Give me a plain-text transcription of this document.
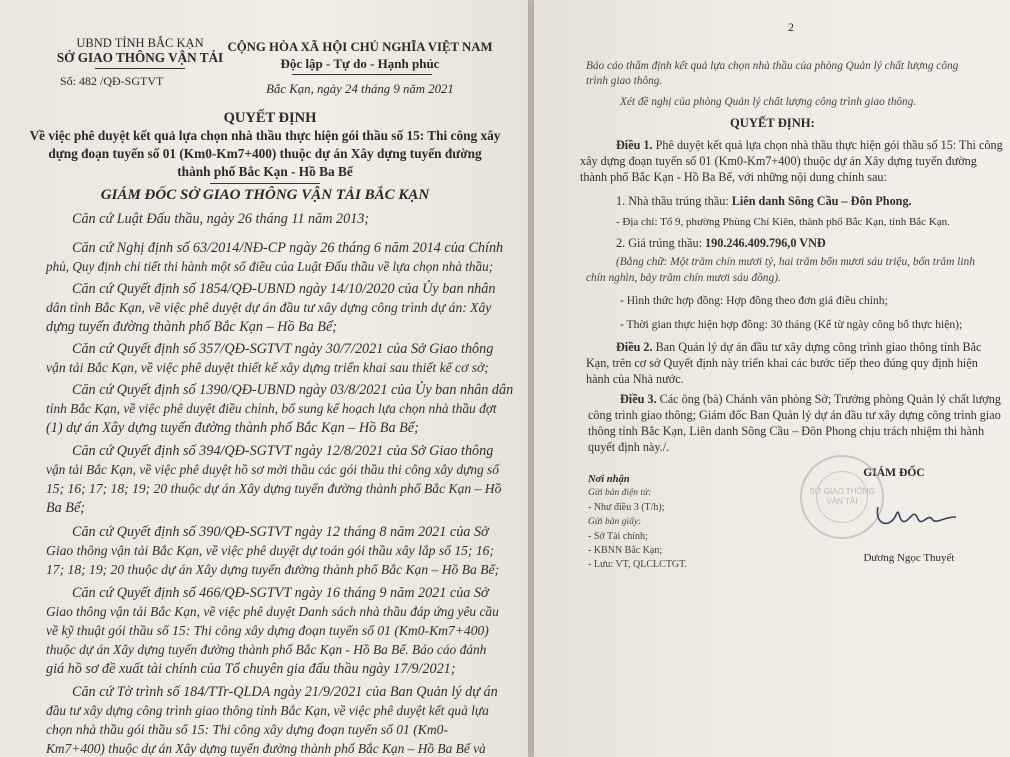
UBND TỈNH BẮC KẠN
SỞ GIAO THÔNG VẬN TẢI
Số: 482 /QĐ-SGTVT
CỘNG HÒA XÃ HỘI CHỦ NGHĨA VIỆT NAM
Độc lập - Tự do - Hạnh phúc
Bắc Kạn, ngày 24 tháng 9 năm 2021
QUYẾT ĐỊNH
Về việc phê duyệt kết quả lựa chọn nhà thầu thực hiện gói thầu số 15: Thi công xây
dựng đoạn tuyến số 01 (Km0-Km7+400) thuộc dự án Xây dựng tuyến đường
thành phố Bắc Kạn - Hồ Ba Bể
GIÁM ĐỐC SỞ GIAO THÔNG VẬN TẢI BẮC KẠN
Căn cứ Luật Đấu thầu, ngày 26 tháng 11 năm 2013;
Căn cứ Nghị định số 63/2014/NĐ-CP ngày 26 tháng 6 năm 2014 của Chính
phủ, Quy định chi tiết thi hành một số điều của Luật Đấu thầu về lựa chọn nhà thầu;
Căn cứ Quyết định số 1854/QĐ-UBND ngày 14/10/2020 của Ủy ban nhân
dân tỉnh Bắc Kạn, về việc phê duyệt dự án đầu tư xây dựng công trình dự án: Xây
dựng tuyến đường thành phố Bắc Kạn – Hồ Ba Bể;
Căn cứ Quyết định số 357/QĐ-SGTVT ngày 30/7/2021 của Sở Giao thông
vận tải Bắc Kạn, về việc phê duyệt thiết kế xây dựng triển khai sau thiết kế cơ sở;
Căn cứ Quyết định số 1390/QĐ-UBND ngày 03/8/2021 của Ủy ban nhân dân
tỉnh Bắc Kạn, về việc phê duyệt điều chỉnh, bổ sung kế hoạch lựa chọn nhà thầu đợt
(1) dự án Xây dựng tuyến đường thành phố Bắc Kạn – Hồ Ba Bể;
Căn cứ Quyết định số 394/QĐ-SGTVT ngày 12/8/2021 của Sở Giao thông
vận tải Bắc Kạn, về việc phê duyệt hồ sơ mời thầu các gói thầu thi công xây dựng số
15; 16; 17; 18; 19; 20 thuộc dự án Xây dựng tuyến đường thành phố Bắc Kạn – Hồ
Ba Bể;
Căn cứ Quyết định số 390/QĐ-SGTVT ngày 12 tháng 8 năm 2021 của Sở
Giao thông vận tải Bắc Kạn, về việc phê duyệt dự toán gói thầu xây lắp số 15; 16;
17; 18; 19; 20 thuộc dự án Xây dựng tuyến đường thành phố Bắc Kạn – Hồ Ba Bể;
Căn cứ Quyết định số 466/QĐ-SGTVT ngày 16 tháng 9 năm 2021 của Sở
Giao thông vận tải Bắc Kạn, về việc phê duyệt Danh sách nhà thầu đáp ứng yêu cầu
về kỹ thuật gói thầu số 15: Thi công xây dựng đoạn tuyến số 01 (Km0-Km7+400)
thuộc dự án Xây dựng tuyến đường thành phố Bắc Kạn - Hồ Ba Bể. Báo cáo đánh
giá hồ sơ đề xuất tài chính của Tổ chuyên gia đấu thầu ngày 17/9/2021;
Căn cứ Tờ trình số 184/TTr-QLDA ngày 21/9/2021 của Ban Quản lý dự án
đầu tư xây dựng công trình giao thông tỉnh Bắc Kạn, về việc phê duyệt kết quả lựa
chọn nhà thầu gói thầu số 15: Thi công xây dựng đoạn tuyến số 01 (Km0-
Km7+400) thuộc dự án Xây dựng tuyến đường thành phố Bắc Kạn – Hồ Ba Bể và
2
Báo cáo thẩm định kết quả lựa chọn nhà thầu của phòng Quản lý chất lượng công
trình giao thông.
Xét đề nghị của phòng Quản lý chất lượng công trình giao thông.
QUYẾT ĐỊNH:
Điều 1. Phê duyệt kết quả lựa chọn nhà thầu thực hiện gói thầu số 15: Thi công
xây dựng đoạn tuyến số 01 (Km0-Km7+400) thuộc dự án Xây dựng tuyến đường
thành phố Bắc Kạn - Hồ Ba Bể, với những nội dung chính sau:
1. Nhà thầu trúng thầu: Liên danh Sông Cầu – Đôn Phong.
- Địa chỉ: Tổ 9, phường Phùng Chí Kiên, thành phố Bắc Kạn, tỉnh Bắc Kạn.
2. Giá trúng thầu: 190.246.409.796,0 VNĐ
(Bằng chữ: Một trăm chín mươi tỷ, hai trăm bốn mươi sáu triệu, bốn trăm linh
chín nghìn, bảy trăm chín mươi sáu đồng).
- Hình thức hợp đồng: Hợp đồng theo đơn giá điều chỉnh;
- Thời gian thực hiện hợp đồng: 30 tháng (Kể từ ngày công bố thực hiện);
Điều 2. Ban Quản lý dự án đầu tư xây dựng công trình giao thông tỉnh Bắc
Kạn, trên cơ sở Quyết định này triển khai các bước tiếp theo đúng quy định hiện
hành của Nhà nước.
Điều 3. Các ông (bà) Chánh văn phòng Sở; Trưởng phòng Quản lý chất lượng
công trình giao thông; Giám đốc Ban Quản lý dự án đầu tư xây dựng công trình giao
thông tỉnh Bắc Kạn, Liên danh Sông Cầu – Đôn Phong chịu trách nhiệm thi hành
quyết định này./.
Nơi nhận
Gửi bản điện tử:
- Như điều 3 (T/h);
Gửi bản giấy:
- Sở Tài chính;
- KBNN Bắc Kạn;
- Lưu: VT, QLCLCTGT.
GIÁM ĐỐC
Dương Ngọc Thuyết
SỞ GIAO THÔNG VẬN TẢI
